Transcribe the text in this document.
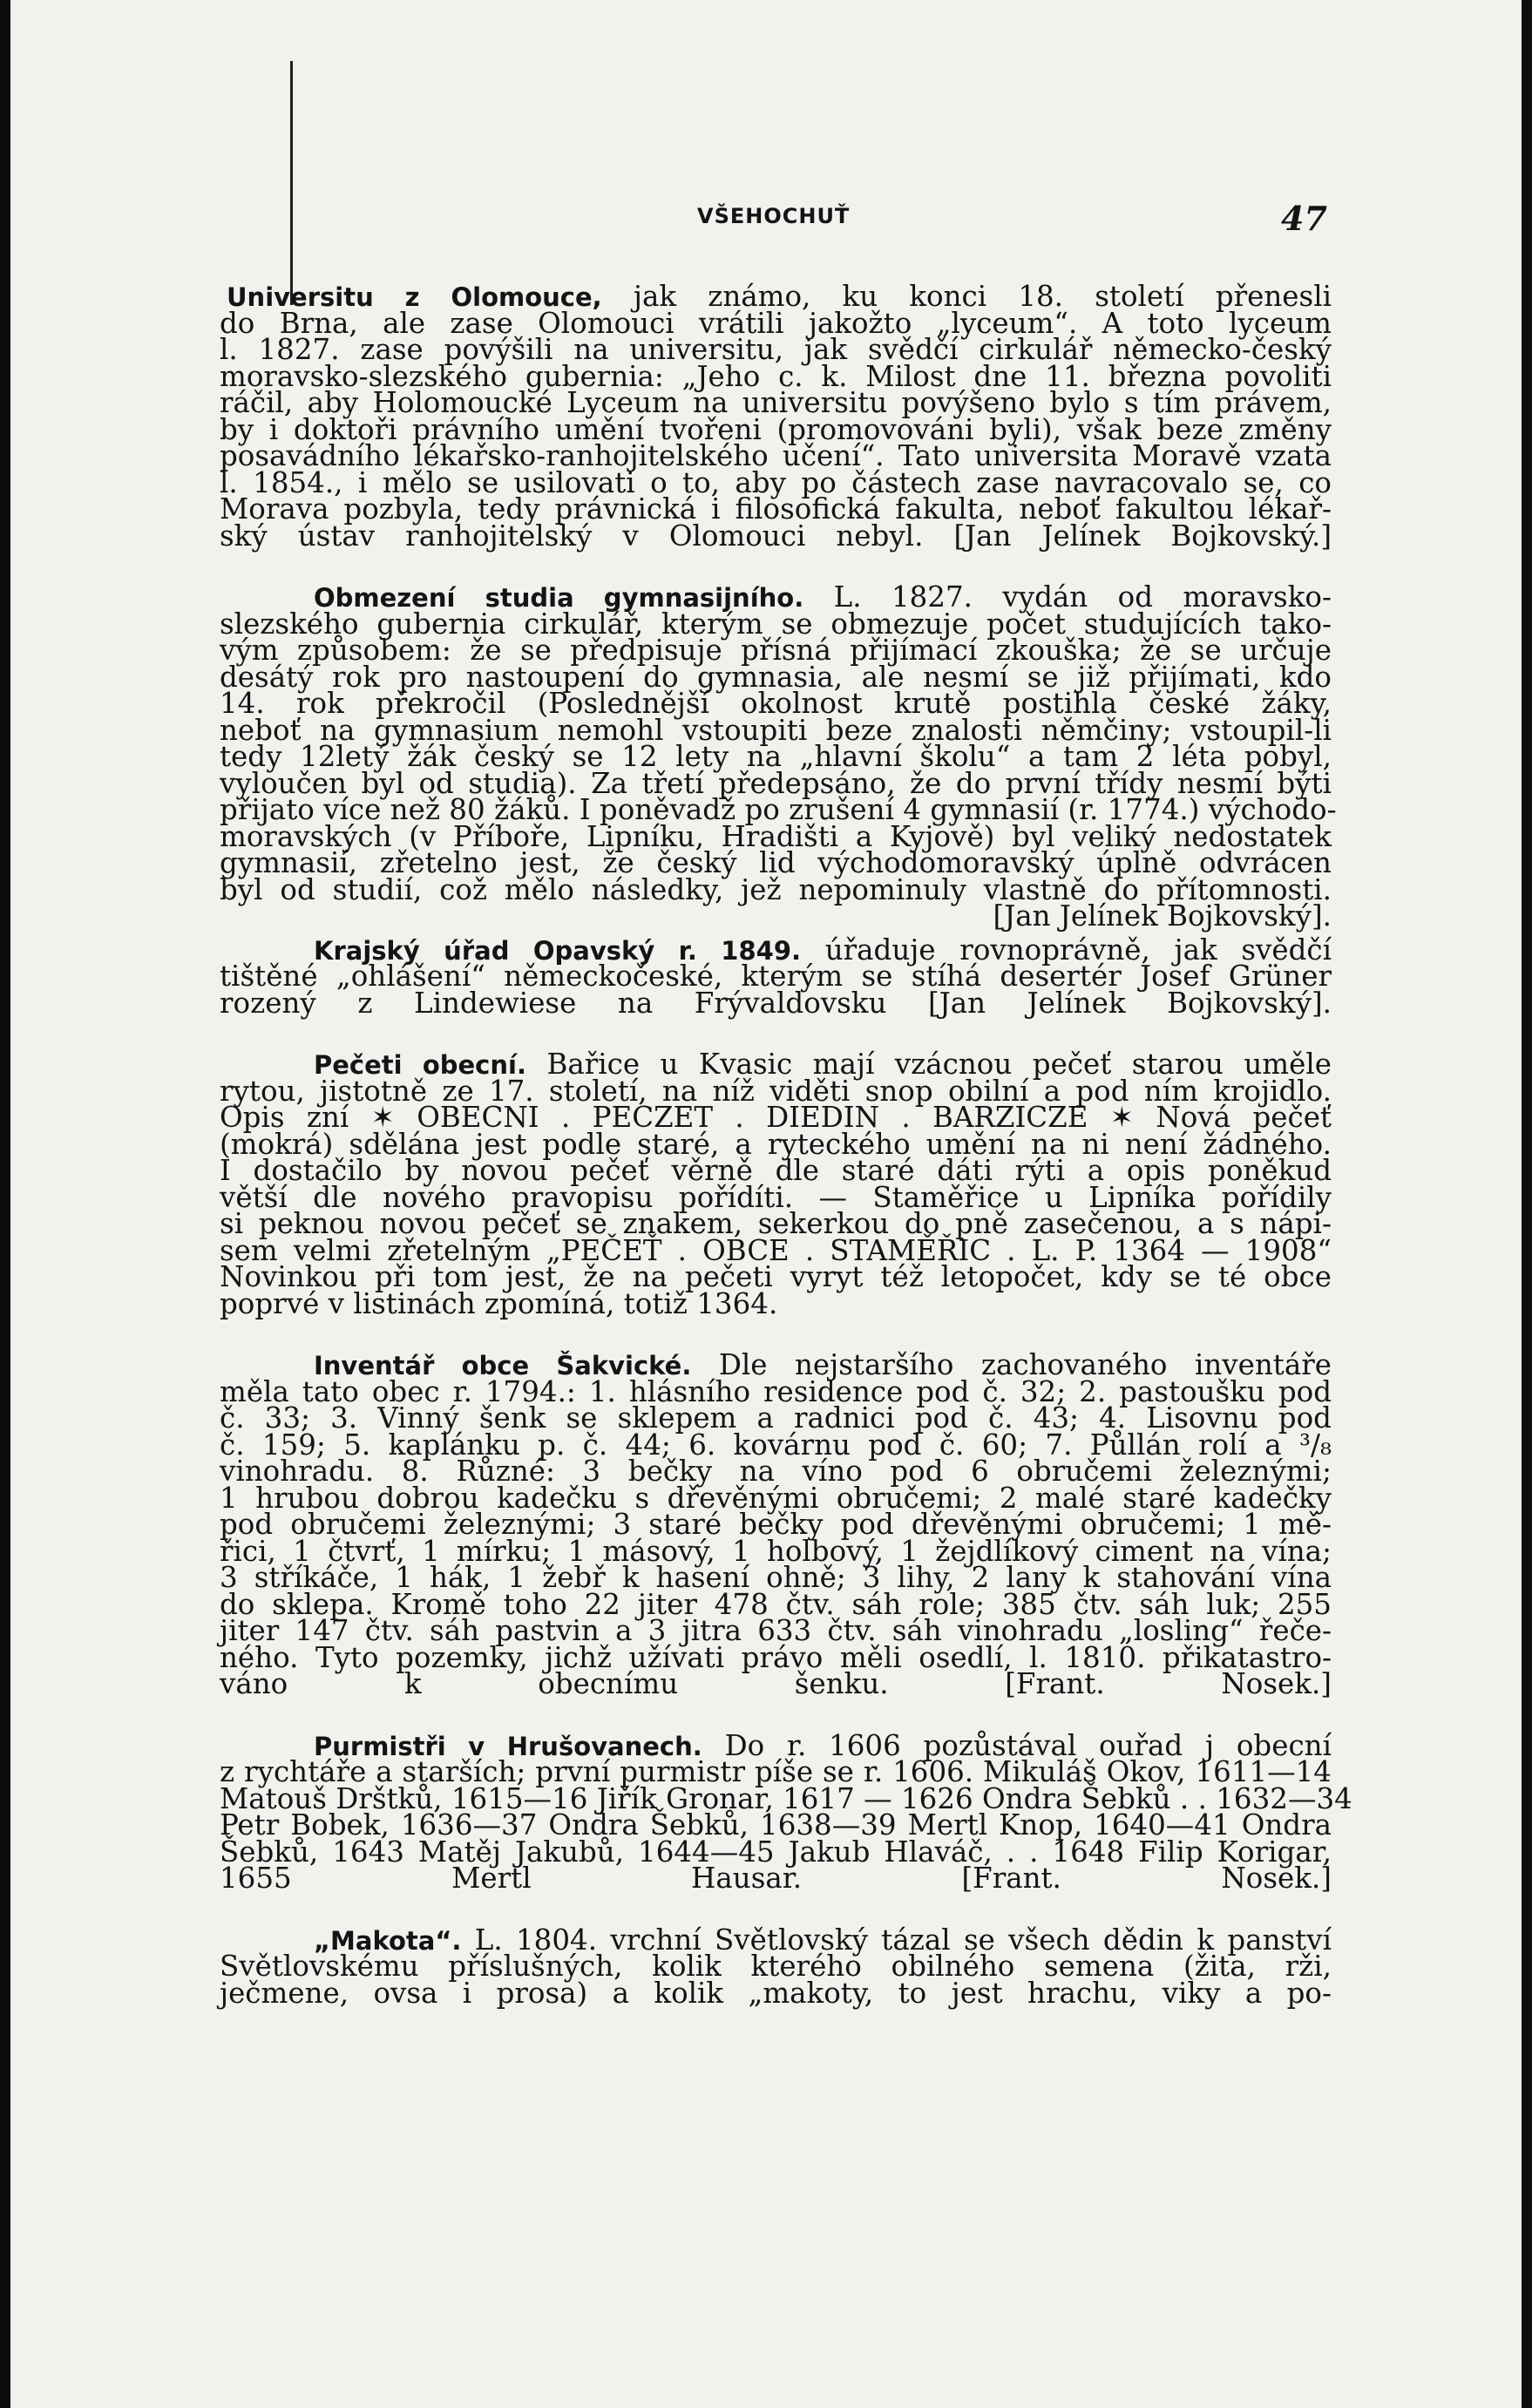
VŠEHOCHUŤ	47
Universitu z Olomouce, jak známo, ku konci 18. století přenesli
do Brna, ale zase Olomouci vrátili jakožto „lyceum“. A toto lyceum
l. 1827. zase povýšili na universitu, jak svědčí cirkulář německo-český
moravsko-slezského gubernia: „Jeho c. k. Milost dne 11. března povoliti
ráčil, aby Holomoucké Lyceum na universitu povýšeno bylo s tím právem,
by i doktoři právního umění tvořeni (promovováni byli), však beze změny
posavádního lékařsko-ranhojitelského učení“. Tato universita Moravě vzata
l. 1854., i mělo se usilovati o to, aby po částech zase navracovalo se, co
Morava pozbyla, tedy právnická i filosofická fakulta, neboť fakultou lékař-
ský ústav ranhojitelský v Olomouci nebyl. [Jan Jelínek Bojkovský.]
Obmezení studia gymnasijního. L. 1827. vydán od moravsko-
slezského gubernia cirkulář, kterým se obmezuje počet studujících tako-
vým způsobem: že se předpisuje přísná přijímací zkouška; že se určuje
desátý rok pro nastoupení do gymnasia, ale nesmí se již přijímati, kdo
14. rok překročil (Poslednější okolnost krutě postihla české žáky,
neboť na gymnasium nemohl vstoupiti beze znalosti němčiny; vstoupil-li
tedy 12letý žák český se 12 lety na „hlavní školu“ a tam 2 léta pobyl,
vyloučen byl od studia). Za třetí předepsáno, že do první třídy nesmí býti
přijato více než 80 žáků. I poněvadž po zrušení 4 gymnasií (r. 1774.) východo-
moravských (v Příboře, Lipníku, Hradišti a Kyjově) byl veliký nedostatek
gymnasií, zřetelno jest, že český lid východomoravský úplně odvrácen
byl od studií, což mělo následky, jež nepominuly vlastně do přítomnosti.
[Jan Jelínek Bojkovský].
Krajský úřad Opavský r. 1849. úřaduje rovnoprávně, jak svědčí
tištěné „ohlášení“ německočeské, kterým se stíhá desertér Josef Grüner
rozený z Lindewiese na Frývaldovsku [Jan Jelínek Bojkovský].
Pečeti obecní. Bařice u Kvasic mají vzácnou pečeť starou uměle
rytou, jistotně ze 17. století, na níž viděti snop obilní a pod ním krojidlo.
Opis zní ✶ OBECNI . PECZET . DIEDIN . BARZICZE ✶ Nová pečeť
(mokrá) sdělána jest podle staré, a ryteckého umění na ni není žádného.
I dostačilo by novou pečeť věrně dle staré dáti rýti a opis poněkud
větší dle nového pravopisu pořídíti. — Staměřice u Lipníka pořídily
si peknou novou pečeť se znakem, sekerkou do pně zasečenou, a s nápi-
sem velmi zřetelným „PEČEŤ . OBCE . STAMĚŘIC . L. P. 1364 — 1908“
Novinkou při tom jest, že na pečeti vyryt též letopočet, kdy se té obce
poprvé v listinách zpomíná, totiž 1364.
Inventář obce Šakvické. Dle nejstaršího zachovaného inventáře
měla tato obec r. 1794.: 1. hlásního residence pod č. 32; 2. pastoušku pod
č. 33; 3. Vinný šenk se sklepem a radnici pod č. 43; 4. Lisovnu pod
č. 159; 5. kaplánku p. č. 44; 6. kovárnu pod č. 60; 7. Půllán rolí a ³/₈
vinohradu. 8. Různé: 3 bečky na víno pod 6 obručemi železnými;
1 hrubou dobrou kadečku s dřevěnými obručemi; 2 malé staré kadečky
pod obručemi železnými; 3 staré bečky pod dřevěnými obručemi; 1 mě-
řici, 1 čtvrť, 1 mírku; 1 másový, 1 holbový, 1 žejdlíkový ciment na vína;
3 stříkáče, 1 hák, 1 žebř k hasení ohně; 3 lihy, 2 lany k stahování vína
do sklepa. Kromě toho 22 jiter 478 čtv. sáh role; 385 čtv. sáh luk; 255
jiter 147 čtv. sáh pastvin a 3 jitra 633 čtv. sáh vinohradu „losling“ řeče-
ného. Tyto pozemky, jichž užívati právo měli osedlí, l. 1810. přikatastro-
váno k obecnímu šenku.	[Frant. Nosek.]
Purmistři v Hrušovanech. Do r. 1606 pozůstával ouřad j obecní
z rychtáře a starších; první purmistr píše se r. 1606. Mikuláš Okov, 1611—14
Matouš Drštků, 1615—16 Jiřík Gronar, 1617 — 1626 Ondra Šebků . . 1632—34
Petr Bobek, 1636—37 Ondra Šebků, 1638—39 Mertl Knop, 1640—41 Ondra
Šebků, 1643 Matěj Jakubů, 1644—45 Jakub Hlaváč, . . 1648 Filip Korigar,
1655 Mertl Hausar.	[Frant. Nosek.]
„Makota“. L. 1804. vrchní Světlovský tázal se všech dědin k panství
Světlovskému příslušných, kolik kterého obilného semena (žita, rži,
ječmene, ovsa i prosa) a kolik „makoty, to jest hrachu, viky a po-
